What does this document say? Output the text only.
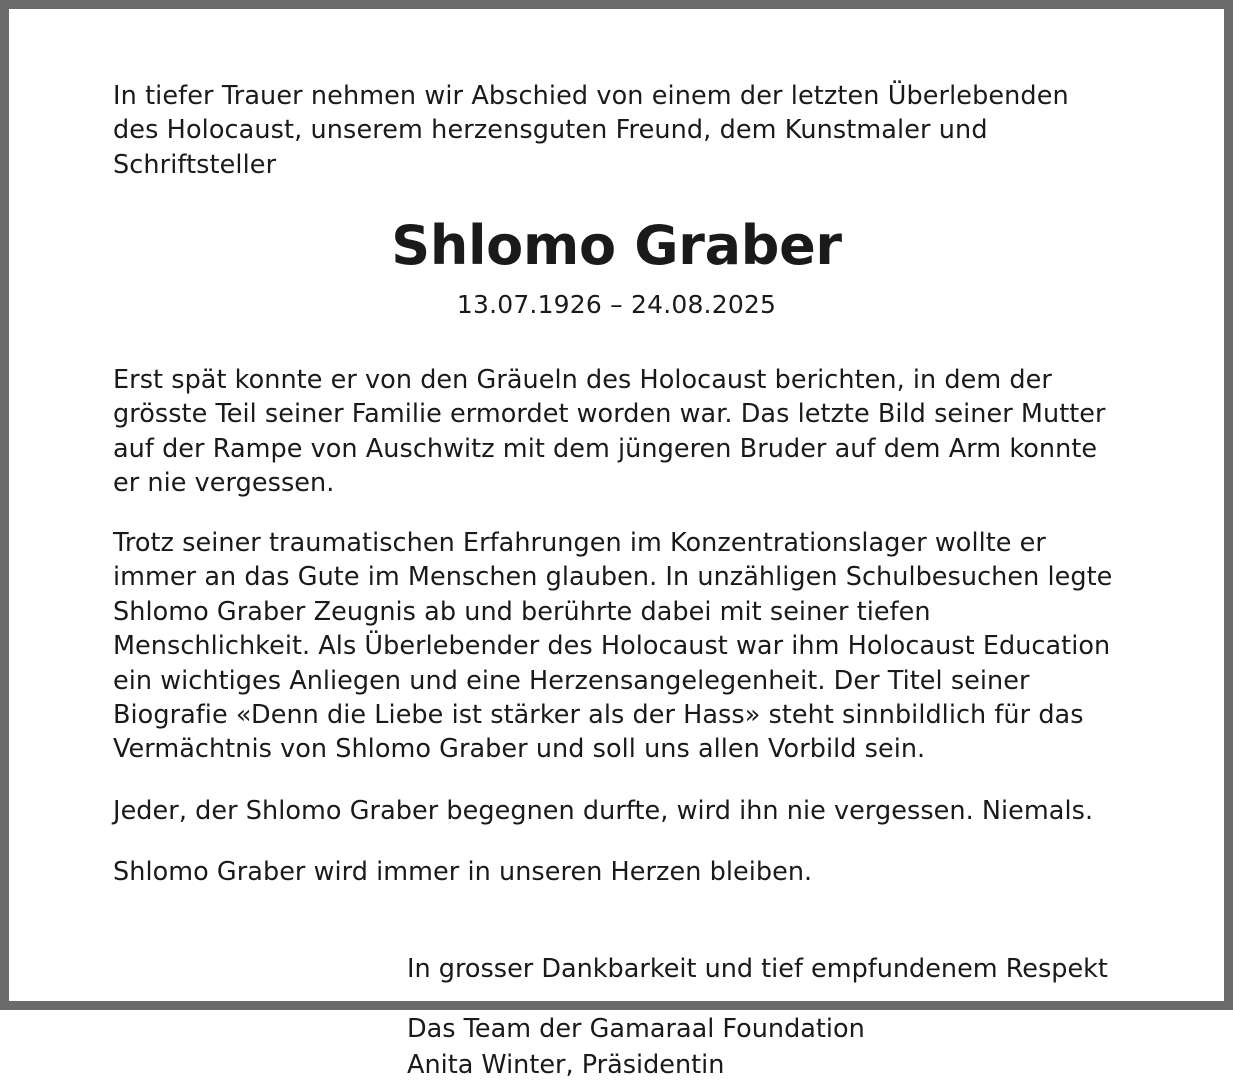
In tiefer Trauer nehmen wir Abschied von einem der letzten Überlebenden des Holocaust, unserem herzensguten Freund, dem Kunstmaler und Schriftsteller

Shlomo Graber
13.07.1926 – 24.08.2025

Erst spät konnte er von den Gräueln des Holocaust berichten, in dem der grösste Teil seiner Familie ermordet worden war. Das letzte Bild seiner Mutter auf der Rampe von Auschwitz mit dem jüngeren Bruder auf dem Arm konnte er nie vergessen.

Trotz seiner traumatischen Erfahrungen im Konzentrationslager wollte er immer an das Gute im Menschen glauben. In unzähligen Schulbesuchen legte Shlomo Graber Zeugnis ab und berührte dabei mit seiner tiefen Menschlichkeit. Als Überlebender des Holocaust war ihm Holocaust Education ein wichtiges Anliegen und eine Herzensangelegenheit. Der Titel seiner Biografie «Denn die Liebe ist stärker als der Hass» steht sinnbildlich für das Vermächtnis von Shlomo Graber und soll uns allen Vorbild sein.

Jeder, der Shlomo Graber begegnen durfte, wird ihn nie vergessen. Niemals.

Shlomo Graber wird immer in unseren Herzen bleiben.

In grosser Dankbarkeit und tief empfundenem Respekt
Das Team der Gamaraal Foundation
Anita Winter, Präsidentin
